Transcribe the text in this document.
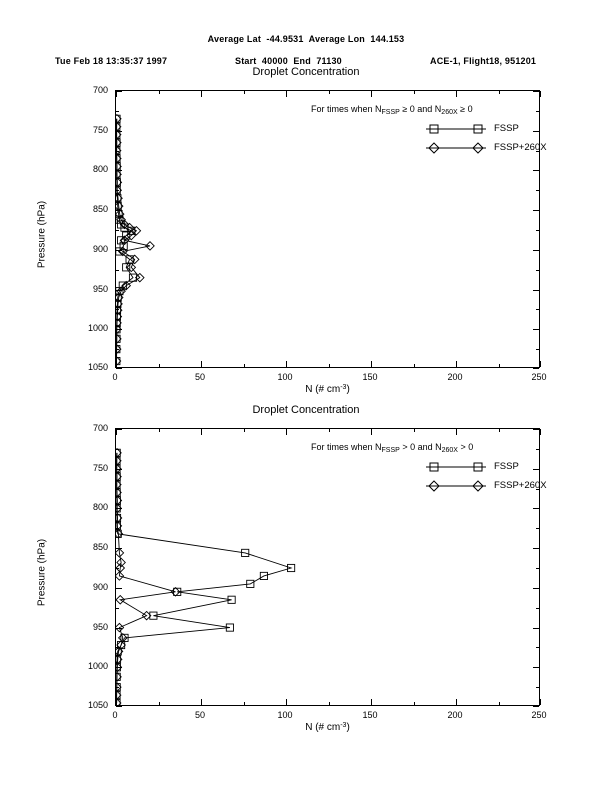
Average Lat  -44.9531  Average Lon  144.153
Tue Feb 18 13:35:37 1997	Start  40000  End  71130	ACE-1, Flight18, 951201
Droplet Concentration
Pressure (hPa)
N (# $cm^{-3}$)
For times when $N_{FSSP} \ge 0$ and $N_{260X} \ge 0$
FSSP
FSSP+260X
700
750
800
850
900
950
1000
1050
0	50	100	150	200	250
Droplet Concentration
Pressure (hPa)
N (# $cm^{-3}$)
For times when $N_{FSSP} > 0$ and $N_{260X} > 0$
FSSP
FSSP+260X
700
750
800
850
900
950
1000
1050
0	50	100	150	200	250
